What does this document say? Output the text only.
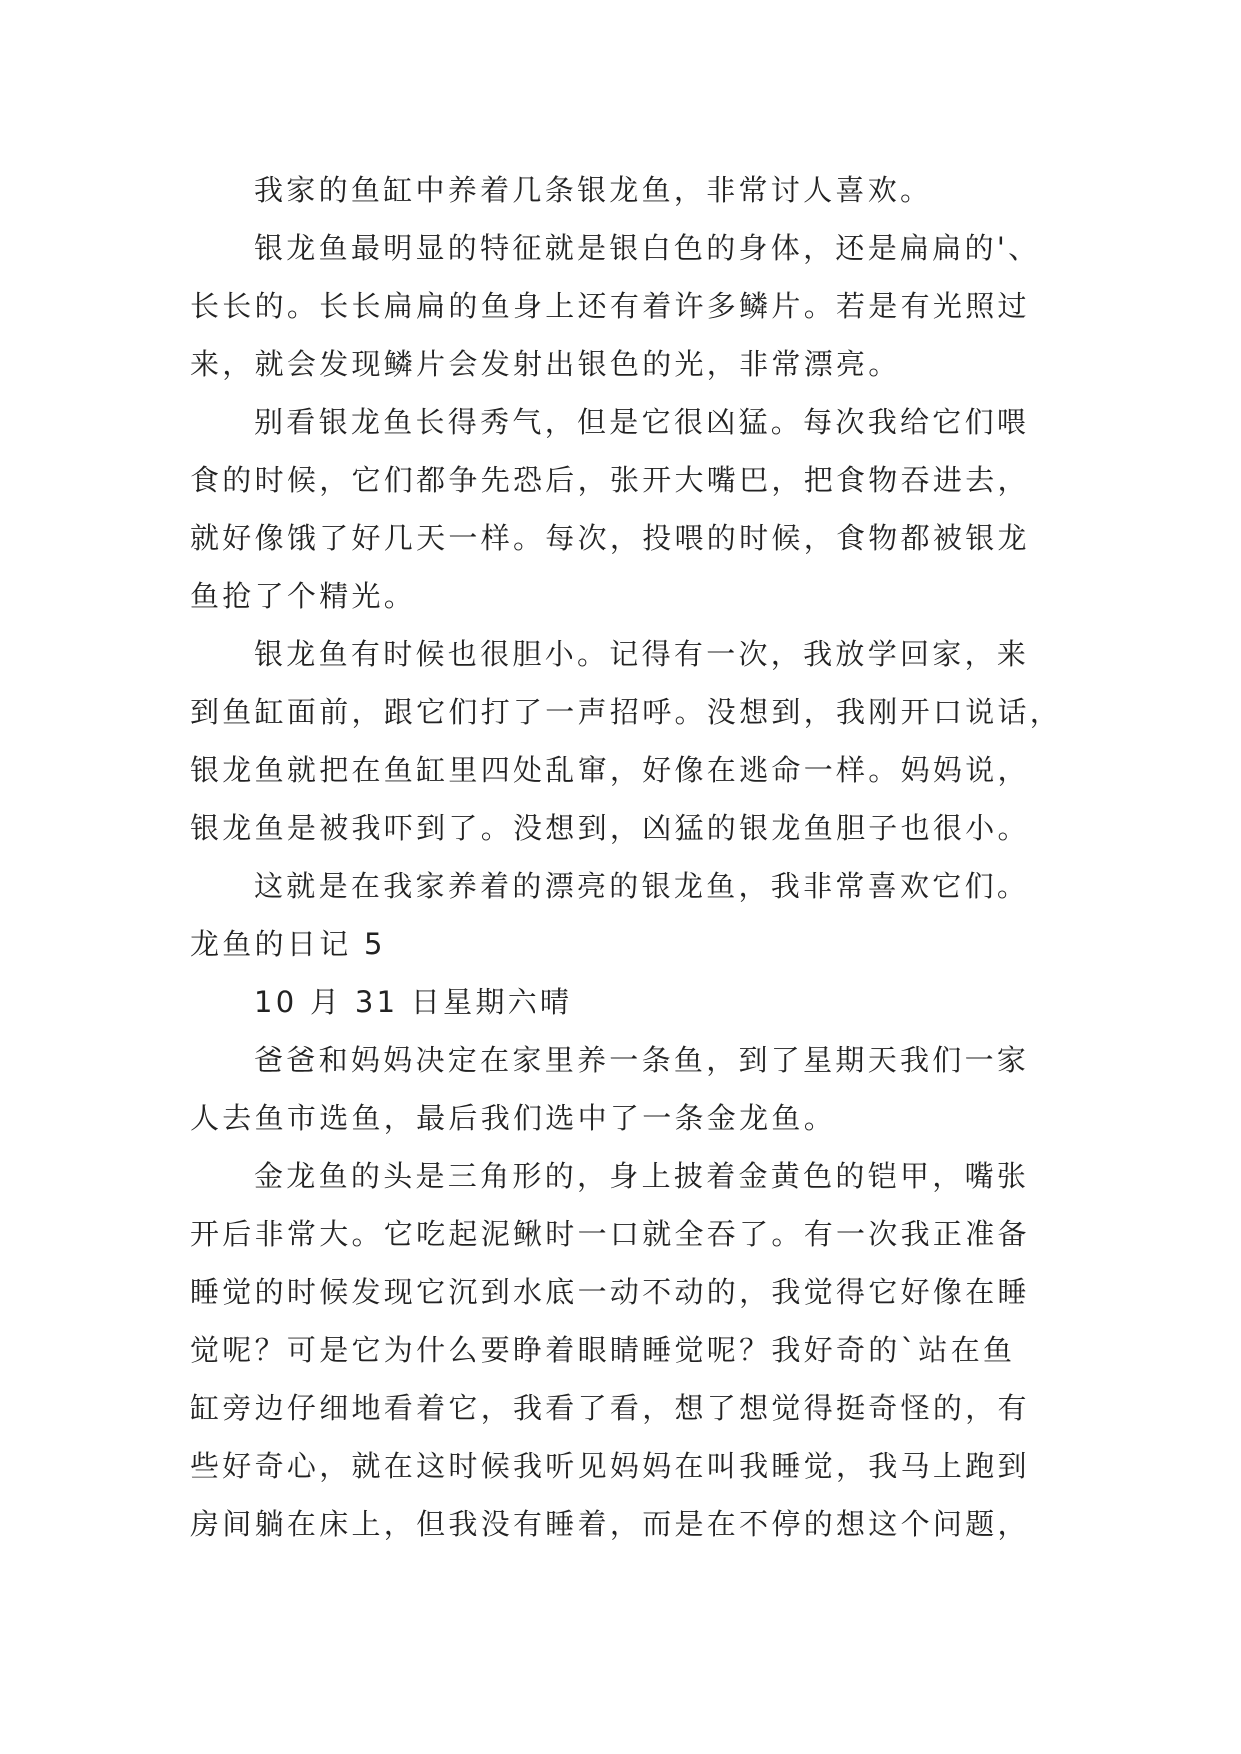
我家的鱼缸中养着几条银龙鱼，非常讨人喜欢。
银龙鱼最明显的特征就是银白色的身体，还是扁扁的'、
长长的。长长扁扁的鱼身上还有着许多鳞片。若是有光照过
来，就会发现鳞片会发射出银色的光，非常漂亮。
别看银龙鱼长得秀气，但是它很凶猛。每次我给它们喂
食的时候，它们都争先恐后，张开大嘴巴，把食物吞进去，
就好像饿了好几天一样。每次，投喂的时候，食物都被银龙
鱼抢了个精光。
银龙鱼有时候也很胆小。记得有一次，我放学回家，来
到鱼缸面前，跟它们打了一声招呼。没想到，我刚开口说话，
银龙鱼就把在鱼缸里四处乱窜，好像在逃命一样。妈妈说，
银龙鱼是被我吓到了。没想到，凶猛的银龙鱼胆子也很小。
这就是在我家养着的漂亮的银龙鱼，我非常喜欢它们。
龙鱼的日记 5
10 月 31 日星期六晴
爸爸和妈妈决定在家里养一条鱼，到了星期天我们一家
人去鱼市选鱼，最后我们选中了一条金龙鱼。
金龙鱼的头是三角形的，身上披着金黄色的铠甲，嘴张
开后非常大。它吃起泥鳅时一口就全吞了。有一次我正准备
睡觉的时候发现它沉到水底一动不动的，我觉得它好像在睡
觉呢？可是它为什么要睁着眼睛睡觉呢？我好奇的`站在鱼
缸旁边仔细地看着它，我看了看，想了想觉得挺奇怪的，有
些好奇心，就在这时候我听见妈妈在叫我睡觉，我马上跑到
房间躺在床上，但我没有睡着，而是在不停的想这个问题，
